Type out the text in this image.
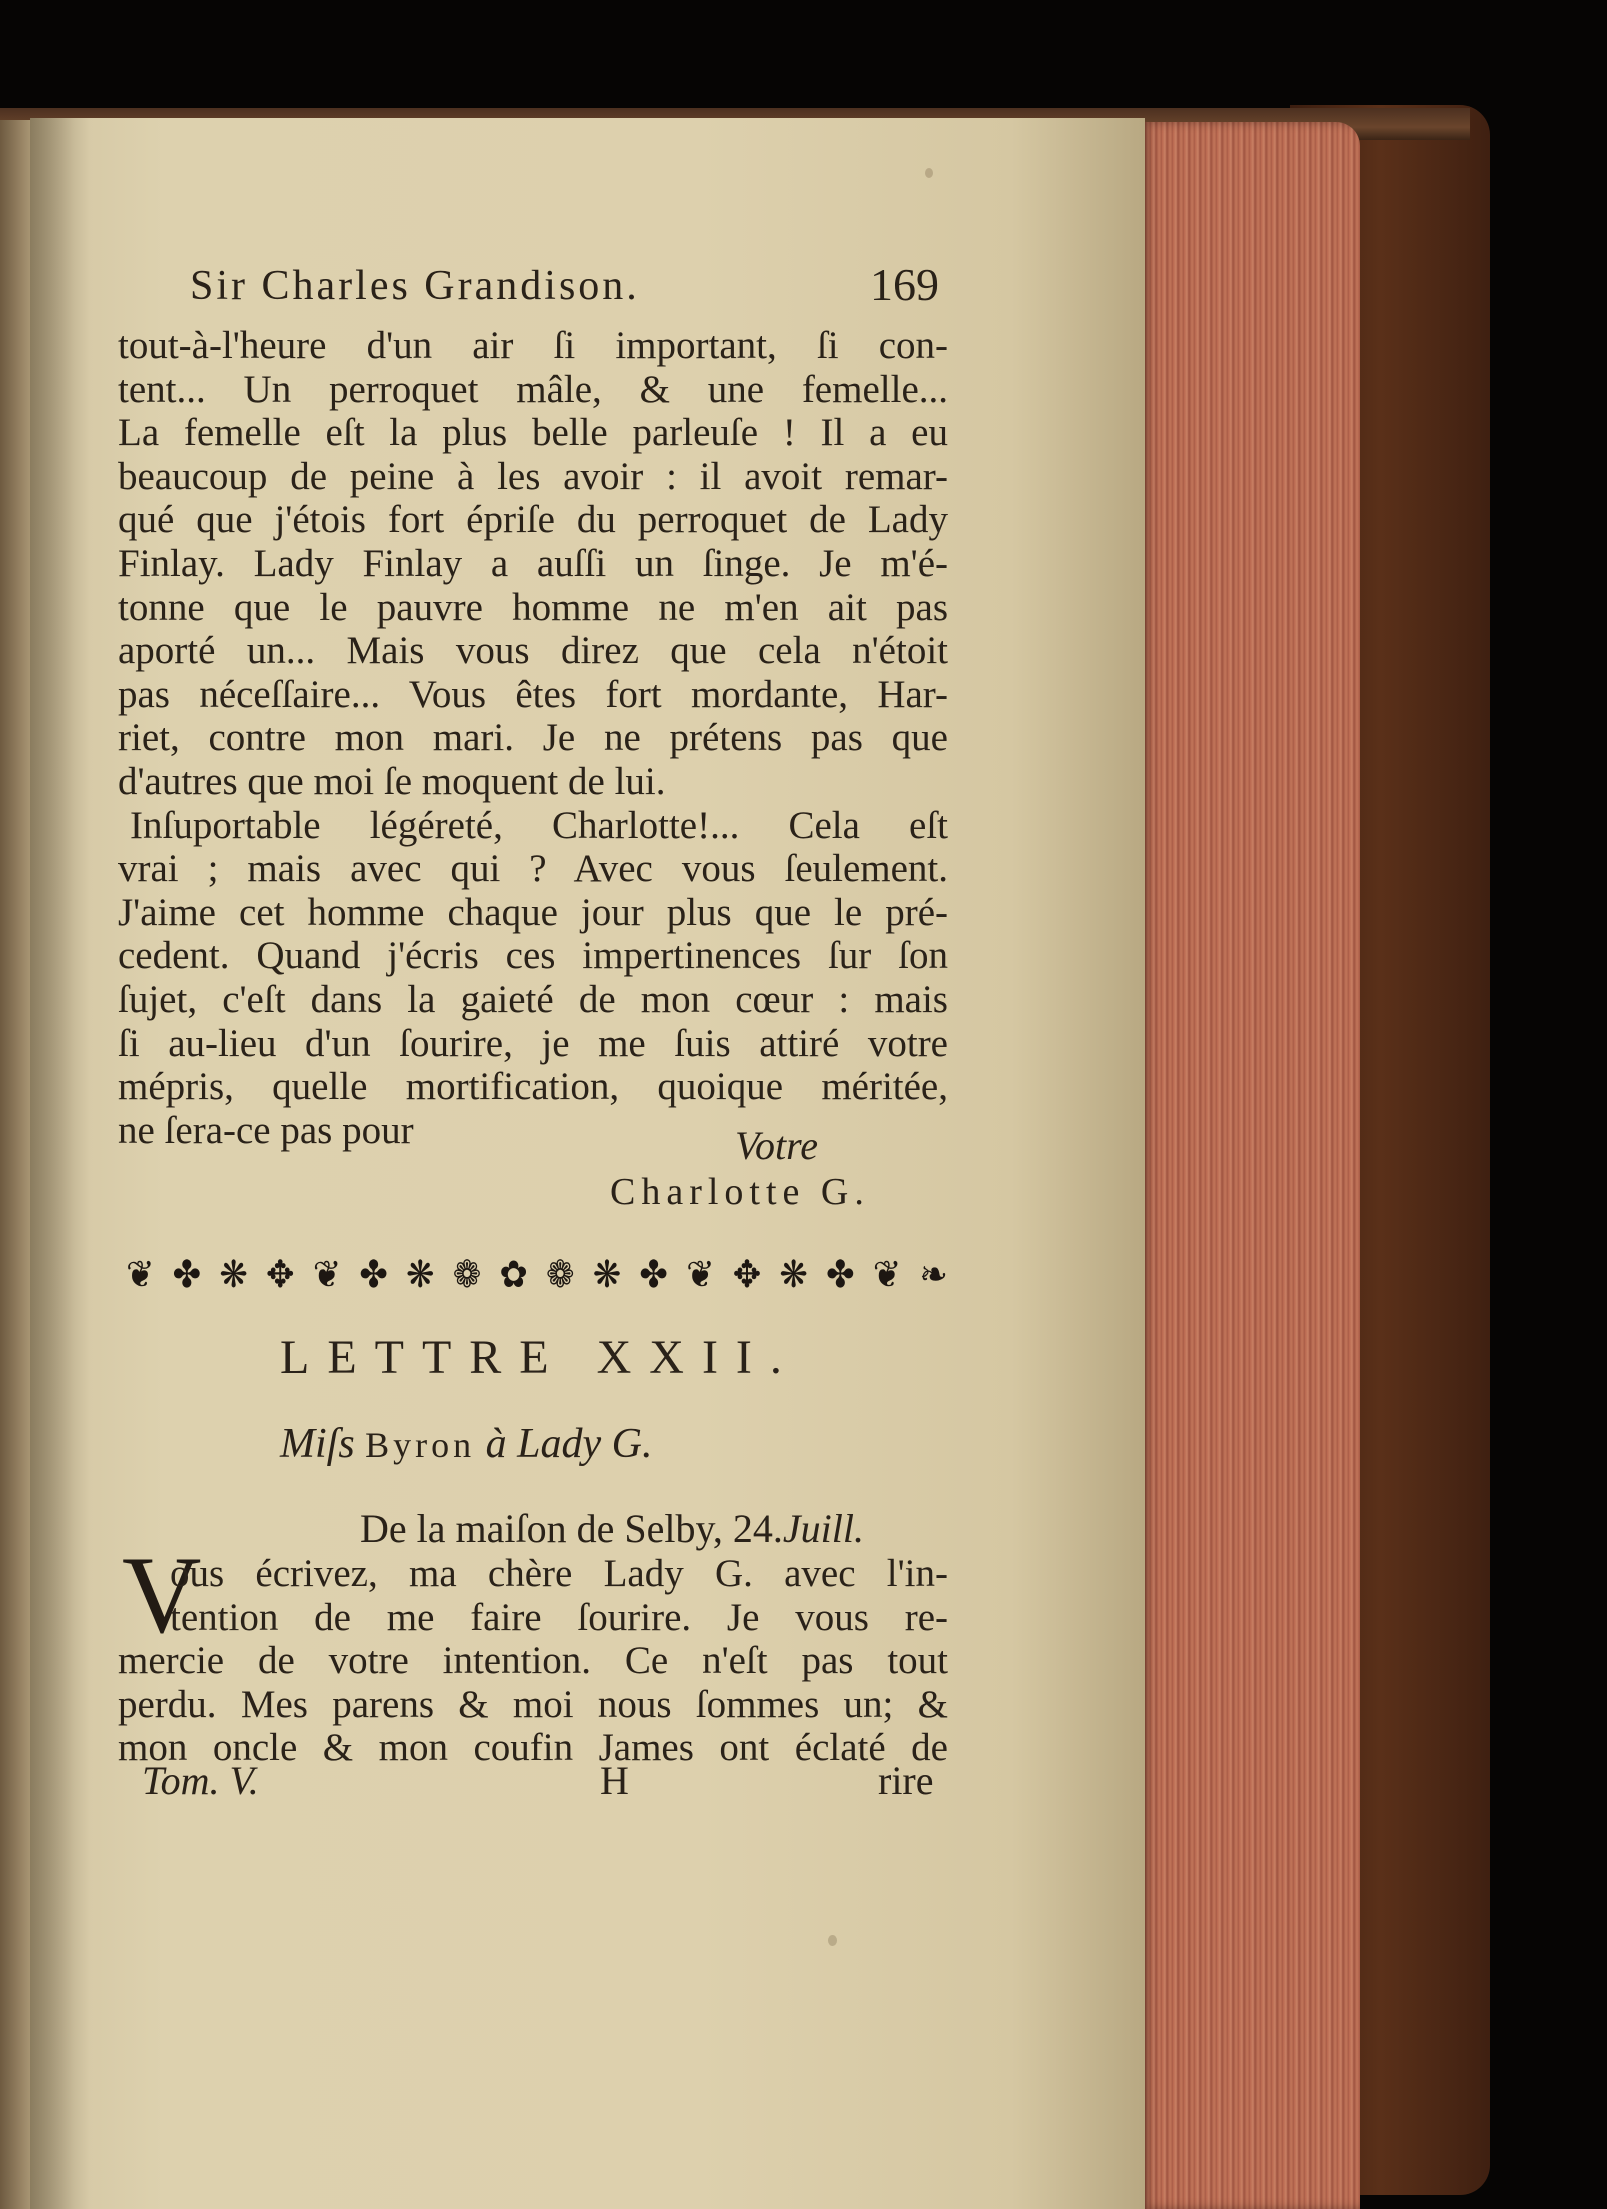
Sir Charles Grandison.	169
tout-à-l'heure d'un air ſi important, ſi con-
tent... Un perroquet mâle, & une femelle...
La femelle eſt la plus belle parleuſe ! Il a eu
beaucoup de peine à les avoir : il avoit remar-
qué que j'étois fort épriſe du perroquet de Lady
Finlay. Lady Finlay a auſſi un ſinge. Je m'é-
tonne que le pauvre homme ne m'en ait pas
aporté un... Mais vous direz que cela n'étoit
pas néceſſaire... Vous êtes fort mordante, Har-
riet, contre mon mari. Je ne prétens pas que
d'autres que moi ſe moquent de lui.
Inſuportable légéreté, Charlotte!... Cela eſt
vrai ; mais avec qui ? Avec vous ſeulement.
J'aime cet homme chaque jour plus que le pré-
cedent. Quand j'écris ces impertinences ſur ſon
ſujet, c'eſt dans la gaieté de mon cœur : mais
ſi au-lieu d'un ſourire, je me ſuis attiré votre
mépris, quelle mortification, quoique méritée,
ne ſera-ce pas pour	Votre
Charlotte G.
❦ ✤ ❋ ✥ ❦ ✤ ❋ ❁ ✿ ❁ ❋ ✤ ❦ ✥ ❋ ✤ ❦ ❧
LETTRE XXII.
Miſs Byron à Lady G.
De la maiſon de Selby, 24.Juill.
V
ous écrivez, ma chère Lady G. avec l'in-
tention de me faire ſourire. Je vous re-
mercie de votre intention. Ce n'eſt pas tout
perdu. Mes parens & moi nous ſommes un; &
mon oncle & mon coufin James ont éclaté de
Tom. V.	H	rire
